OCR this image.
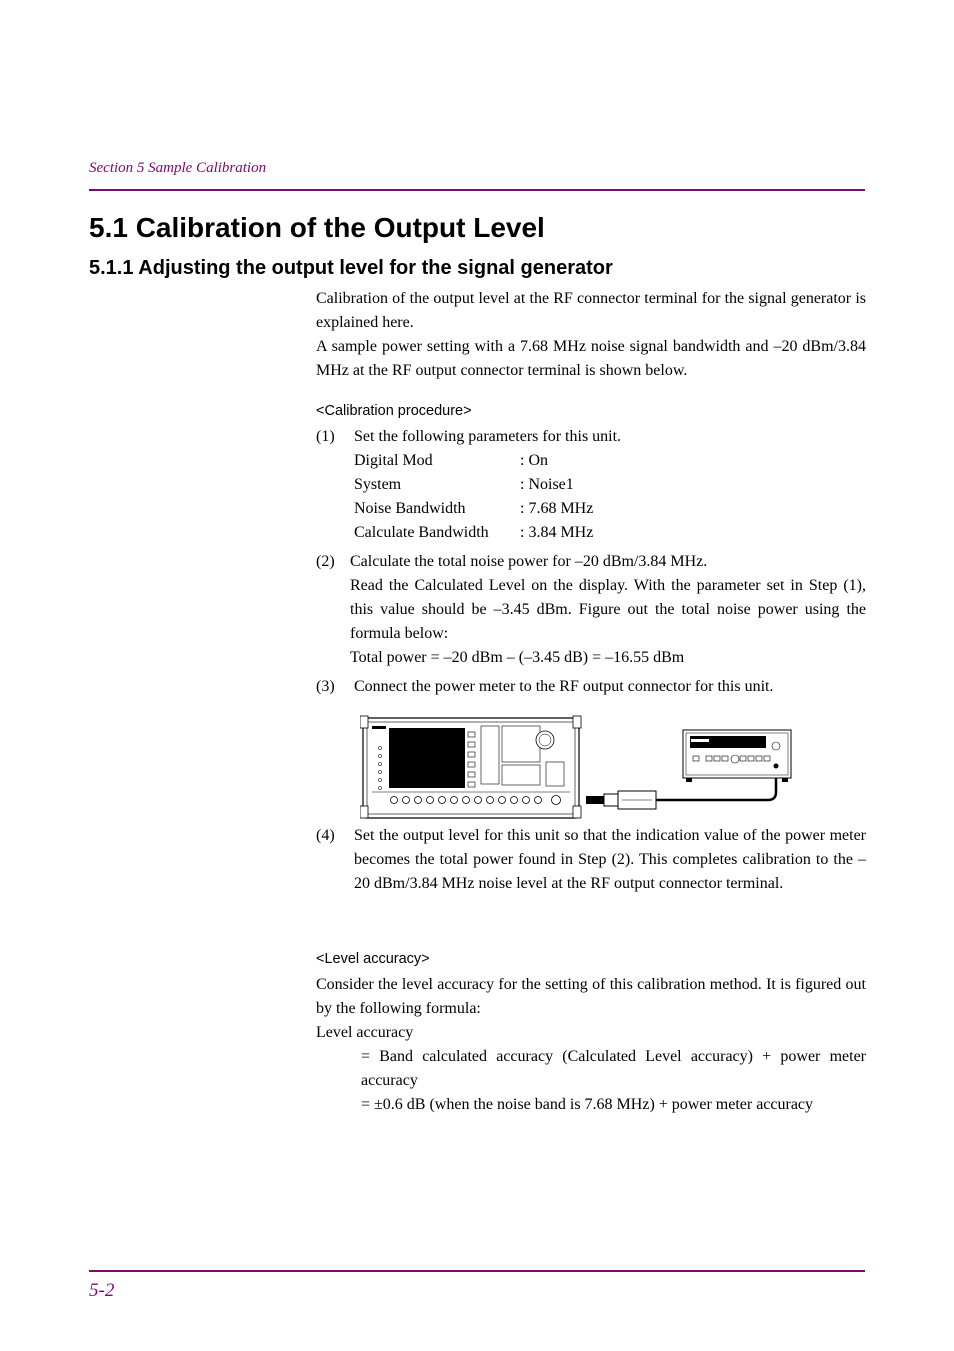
Section 5 Sample Calibration
5.1 Calibration of the Output Level
5.1.1 Adjusting the output level for the signal generator
Calibration of the output level at the RF connector terminal for the signal generator is explained here.
A sample power setting with a 7.68 MHz noise signal bandwidth and –20 dBm/3.84 MHz at the RF output connector terminal is shown below.
<Calibration procedure>
(1) Set the following parameters for this unit.
Digital Mod	: On
System	: Noise1
Noise Bandwidth	: 7.68 MHz
Calculate Bandwidth : 3.84 MHz
(2) Calculate the total noise power for –20 dBm/3.84 MHz.
Read the Calculated Level on the display. With the parameter set in Step (1), this value should be –3.45 dBm. Figure out the total noise power using the formula below:
Total power = –20 dBm – (–3.45 dB) = –16.55 dBm
(3) Connect the power meter to the RF output connector for this unit.
(4) Set the output level for this unit so that the indication value of the power meter becomes the total power found in Step (2). This completes calibration to the –20 dBm/3.84 MHz noise level at the RF output connector terminal.
<Level accuracy>
Consider the level accuracy for the setting of this calibration method. It is figured out by the following formula:
Level accuracy
= Band calculated accuracy (Calculated Level accuracy) + power meter accuracy
= ±0.6 dB (when the noise band is 7.68 MHz) + power meter accuracy
5-2
